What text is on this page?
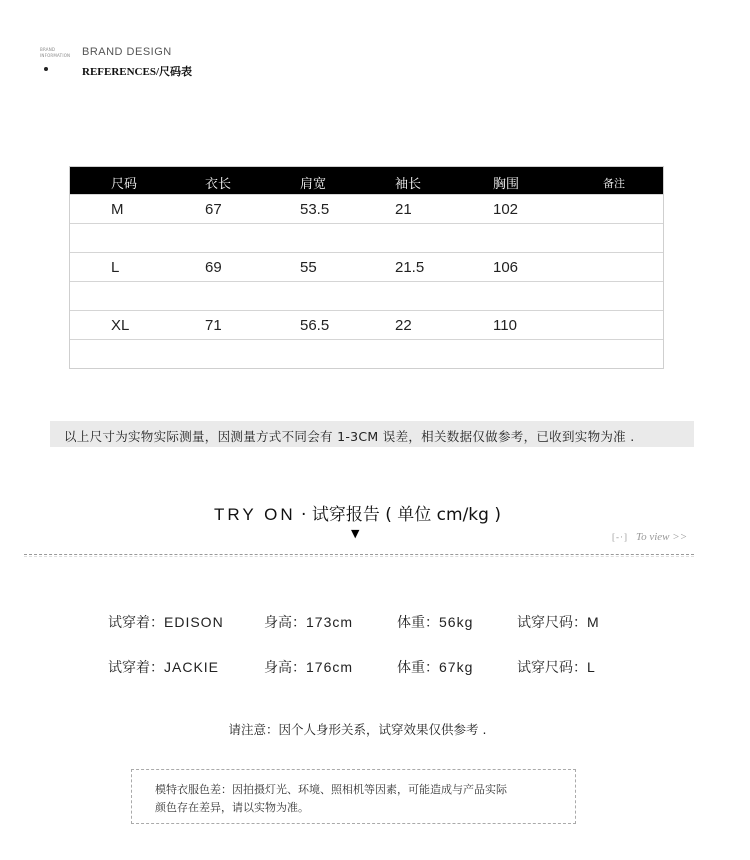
BRAND
INFORMATION	BRAND DESIGN
REFERENCES/尺码表
尺码	衣长	肩宽	袖长	胸围	备注
M	67	53.5	21	102
L	69	55	21.5	106
XL	71	56.5	22	110
以上尺寸为实物实际测量，因测量方式不同会有 1-3CM 误差，相关数据仅做参考，已收到实物为准 .
TRY ON · 试穿报告 ( 单位 cm/kg )
▼	[-·] To view >>
试穿着：EDISON	身高：173cm	体重：56kg	试穿尺码：M
试穿着：JACKIE	身高：176cm	体重：67kg	试穿尺码：L
请注意：因个人身形关系，试穿效果仅供参考 .
模特衣服色差：因拍摄灯光、环境、照相机等因素，可能造成与产品实际
颜色存在差异，请以实物为准。
